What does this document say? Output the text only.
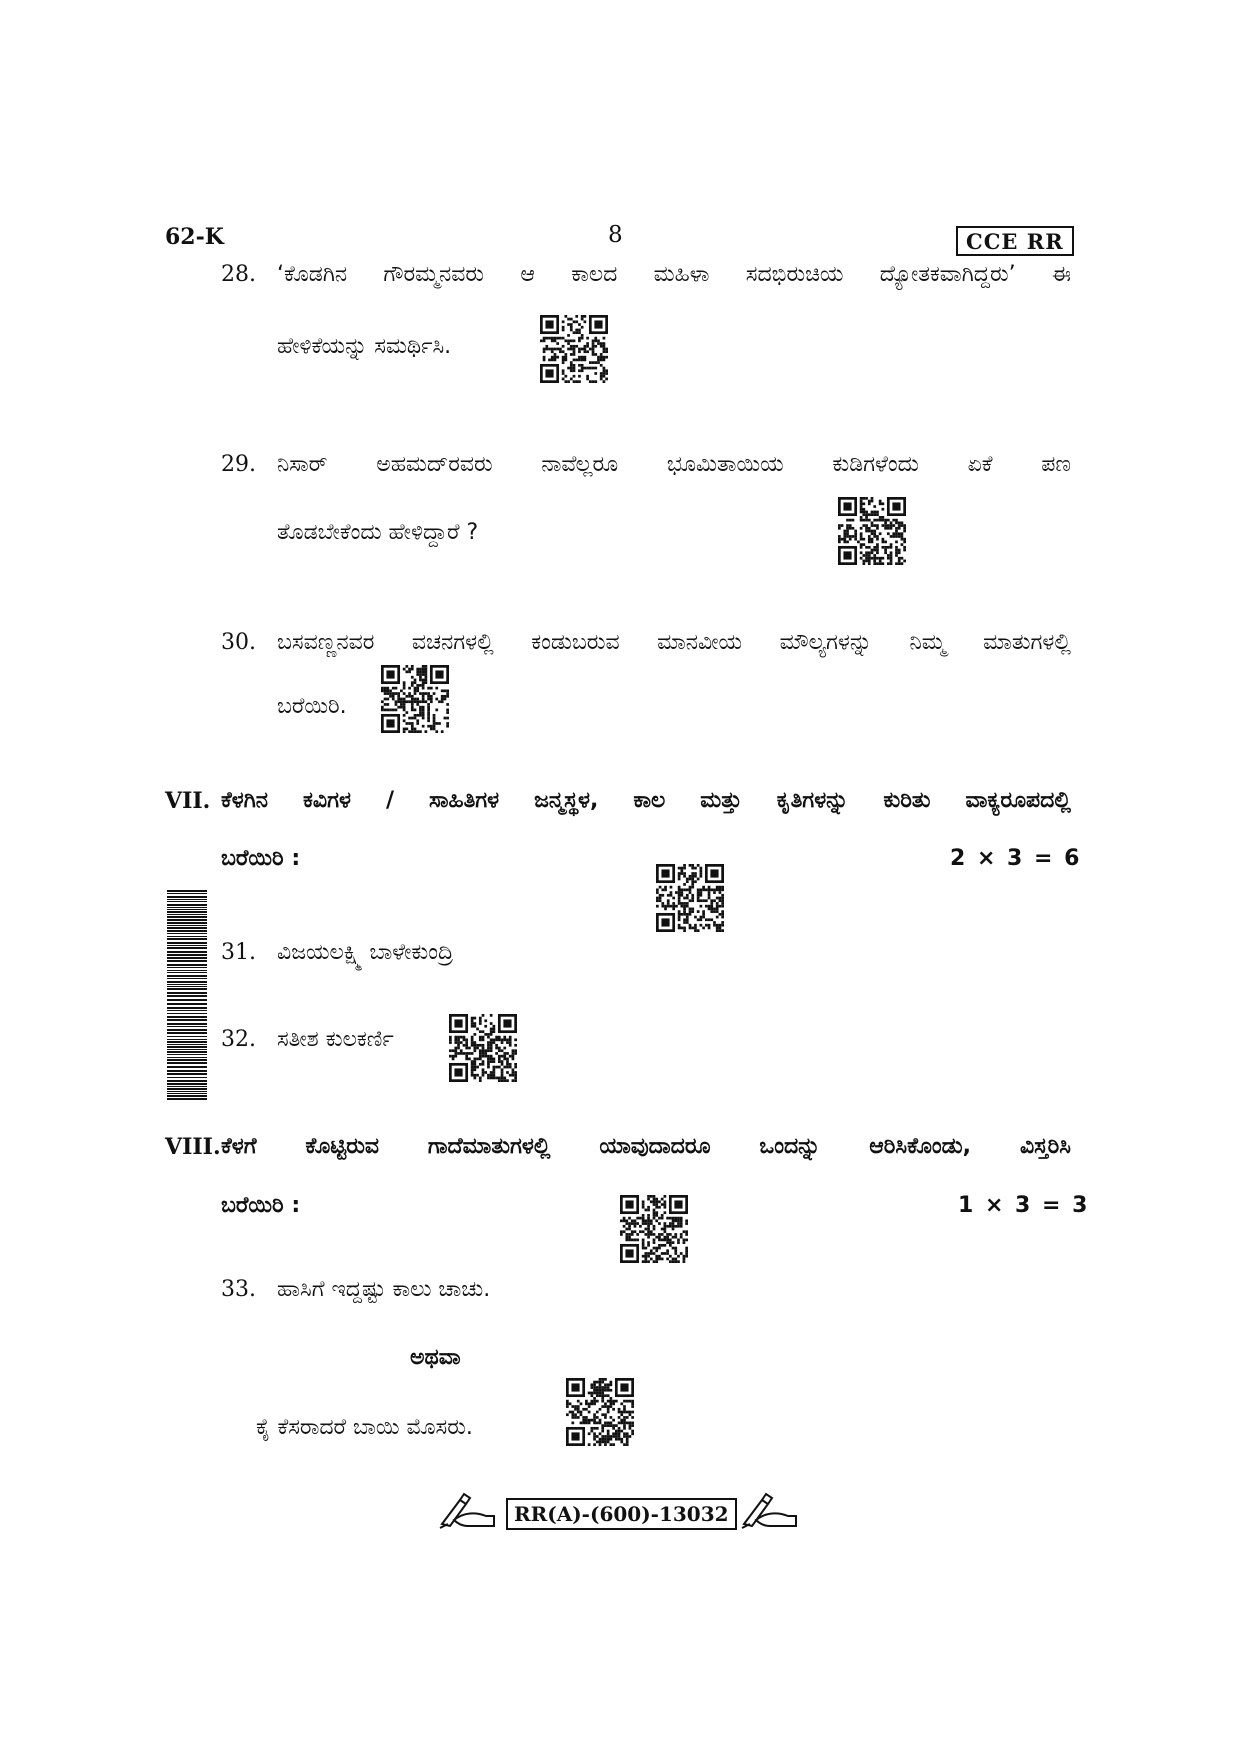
62-K	8	CCE RR
28. ‘ಕೊಡಗಿನ ಗೌರಮ್ಮನವರು ಆ ಕಾಲದ ಮಹಿಳಾ ಸದಭಿರುಚಿಯ ದ್ಯೋತಕವಾಗಿದ್ದರು’ ಈ
ಹೇಳಿಕೆಯನ್ನು ಸಮರ್ಥಿಸಿ.
29. ನಿಸಾರ್ ಅಹಮದ್‌ರವರು ನಾವೆಲ್ಲರೂ ಭೂಮಿತಾಯಿಯ ಕುಡಿಗಳೆಂದು ಏಕೆ ಪಣ
ತೊಡಬೇಕೆಂದು ಹೇಳಿದ್ದಾರೆ ?
30. ಬಸವಣ್ಣನವರ ವಚನಗಳಲ್ಲಿ ಕಂಡುಬರುವ ಮಾನವೀಯ ಮೌಲ್ಯಗಳನ್ನು ನಿಮ್ಮ ಮಾತುಗಳಲ್ಲಿ
ಬರೆಯಿರಿ.
VII. ಕೆಳಗಿನ ಕವಿಗಳ / ಸಾಹಿತಿಗಳ ಜನ್ಮಸ್ಥಳ, ಕಾಲ ಮತ್ತು ಕೃತಿಗಳನ್ನು ಕುರಿತು ವಾಕ್ಯರೂಪದಲ್ಲಿ
ಬರೆಯಿರಿ :	2 × 3 = 6
31. ವಿಜಯಲಕ್ಷ್ಮಿ ಬಾಳೇಕುಂದ್ರಿ
32. ಸತೀಶ ಕುಲಕರ್ಣಿ
VIII. ಕೆಳಗೆ ಕೊಟ್ಟಿರುವ ಗಾದೆಮಾತುಗಳಲ್ಲಿ ಯಾವುದಾದರೂ ಒಂದನ್ನು ಆರಿಸಿಕೊಂಡು, ವಿಸ್ತರಿಸಿ
ಬರೆಯಿರಿ :	1 × 3 = 3
33. ಹಾಸಿಗೆ ಇದ್ದಷ್ಟು ಕಾಲು ಚಾಚು.
ಅಥವಾ
ಕೈ ಕೆಸರಾದರೆ ಬಾಯಿ ಮೊಸರು.
RR(A)-(600)-13032
